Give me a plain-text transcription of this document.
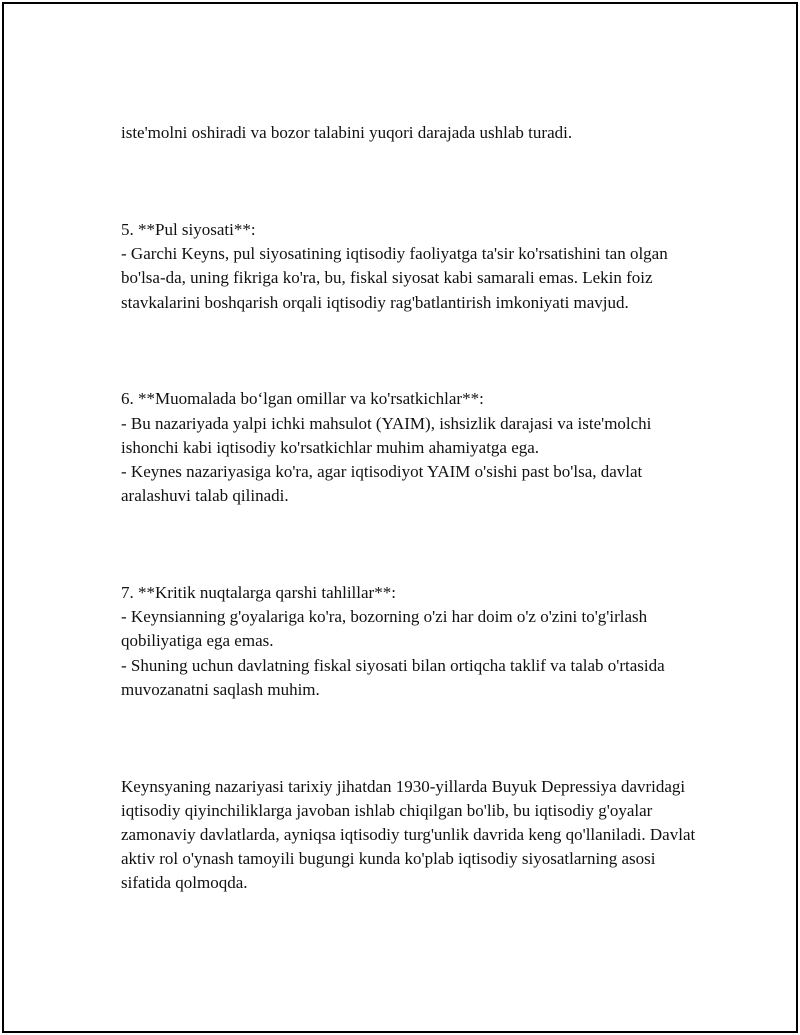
iste'molni oshiradi va bozor talabini yuqori darajada ushlab turadi.

5. **Pul siyosati**:
- Garchi Keyns, pul siyosatining iqtisodiy faoliyatga ta'sir ko'rsatishini tan olgan bo'lsa-da, uning fikriga ko'ra, bu, fiskal siyosat kabi samarali emas. Lekin foiz stavkalarini boshqarish orqali iqtisodiy rag'batlantirish imkoniyati mavjud.

6. **Muomalada bo‘lgan omillar va ko'rsatkichlar**:
- Bu nazariyada yalpi ichki mahsulot (YAIM), ishsizlik darajasi va iste'molchi ishonchi kabi iqtisodiy ko'rsatkichlar muhim ahamiyatga ega.
- Keynes nazariyasiga ko'ra, agar iqtisodiyot YAIM o'sishi past bo'lsa, davlat aralashuvi talab qilinadi.

7. **Kritik nuqtalarga qarshi tahlillar**:
- Keynsianning g'oyalariga ko'ra, bozorning o'zi har doim o'z o'zini to'g'irlash qobiliyatiga ega emas.
- Shuning uchun davlatning fiskal siyosati bilan ortiqcha taklif va talab o'rtasida muvozanatni saqlash muhim.

Keynsyaning nazariyasi tarixiy jihatdan 1930-yillarda Buyuk Depressiya davridagi iqtisodiy qiyinchiliklarga javoban ishlab chiqilgan bo'lib, bu iqtisodiy g'oyalar zamonaviy davlatlarda, ayniqsa iqtisodiy turg'unlik davrida keng qo'llaniladi. Davlat aktiv rol o'ynash tamoyili bugungi kunda ko'plab iqtisodiy siyosatlarning asosi sifatida qolmoqda.
